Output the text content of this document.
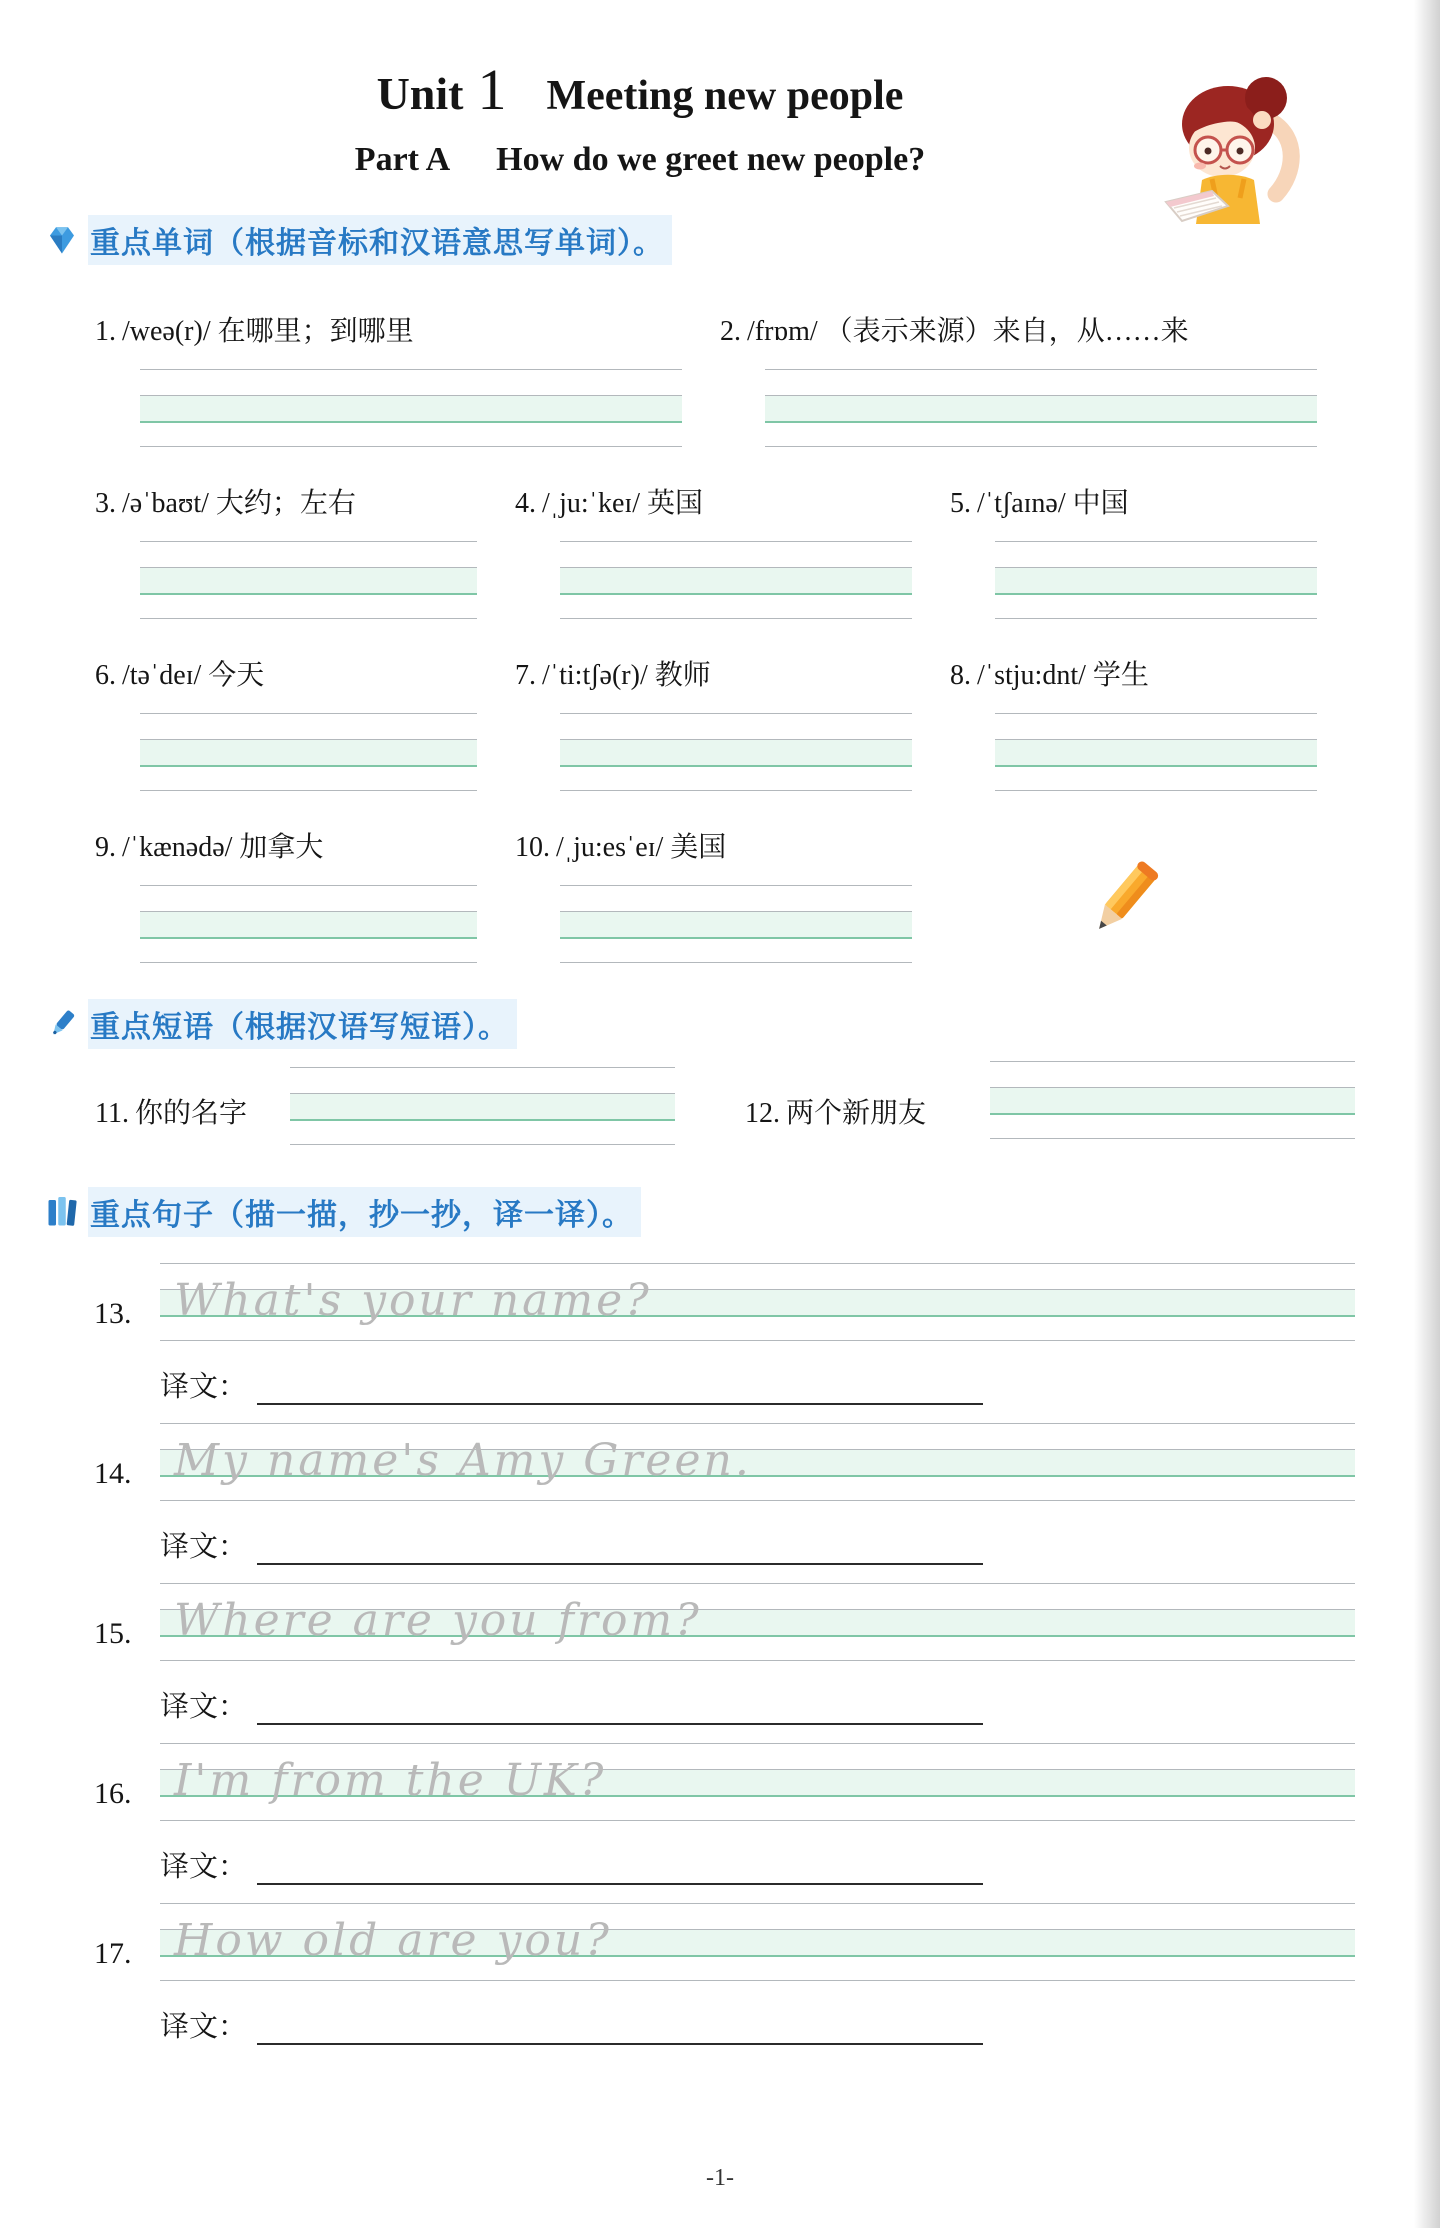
Unit 1 Meeting new people
Part A How do we greet new people?
重点单词（根据音标和汉语意思写单词）。
1. /weə(r)/ 在哪里；到哪里	2. /frɒm/ （表示来源）来自，从……来
3. /əˈbaʊt/ 大约；左右	4. /ˌju:ˈkeɪ/ 英国	5. /ˈtʃaɪnə/ 中国
6. /təˈdeɪ/ 今天	7. /ˈti:tʃə(r)/ 教师	8. /ˈstju:dnt/ 学生
9. /ˈkænədə/ 加拿大	10. /ˌju:esˈeɪ/ 美国
重点短语（根据汉语写短语）。
11. 你的名字	12. 两个新朋友
重点句子（描一描，抄一抄，译一译）。
13. What's your name?
译文：
14. My name's Amy Green.
译文：
15. Where are you from?
译文：
16. I'm from the UK?
译文：
17. How old are you?
译文：
-1-
